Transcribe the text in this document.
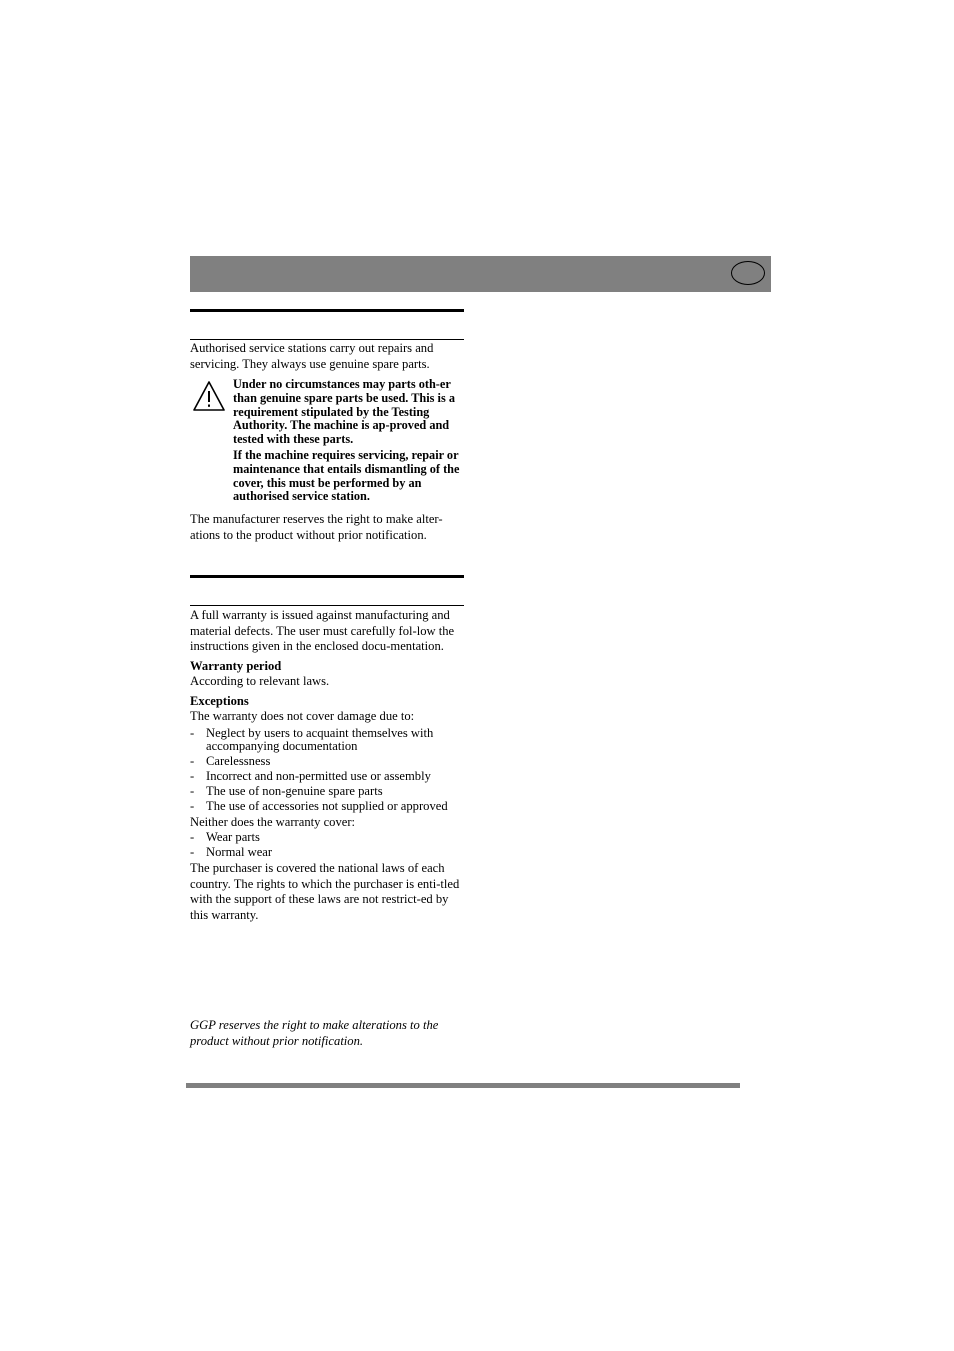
Authorised service stations carry out repairs and servicing. They always use genuine spare parts.

Under no circumstances may parts oth-er than genuine spare parts be used. This is a requirement stipulated by the Testing Authority. The machine is ap-proved and tested with these parts.

If the machine requires servicing, repair or maintenance that entails dismantling of the cover, this must be performed by an authorised service station.

The manufacturer reserves the right to make alter-ations to the product without prior notification.

A full warranty is issued against manufacturing and material defects. The user must carefully fol-low the instructions given in the enclosed docu-mentation.

Warranty period

According to relevant laws.

Exceptions

The warranty does not cover damage due to:

- Neglect by users to acquaint themselves with accompanying documentation
- Carelessness
- Incorrect and non-permitted use or assembly
- The use of non-genuine spare parts
- The use of accessories not supplied or approved

Neither does the warranty cover:

- Wear parts
- Normal wear

The purchaser is covered the national laws of each country. The rights to which the purchaser is enti-tled with the support of these laws are not restrict-ed by this warranty.

GGP reserves the right to make alterations to the product without prior notification.
